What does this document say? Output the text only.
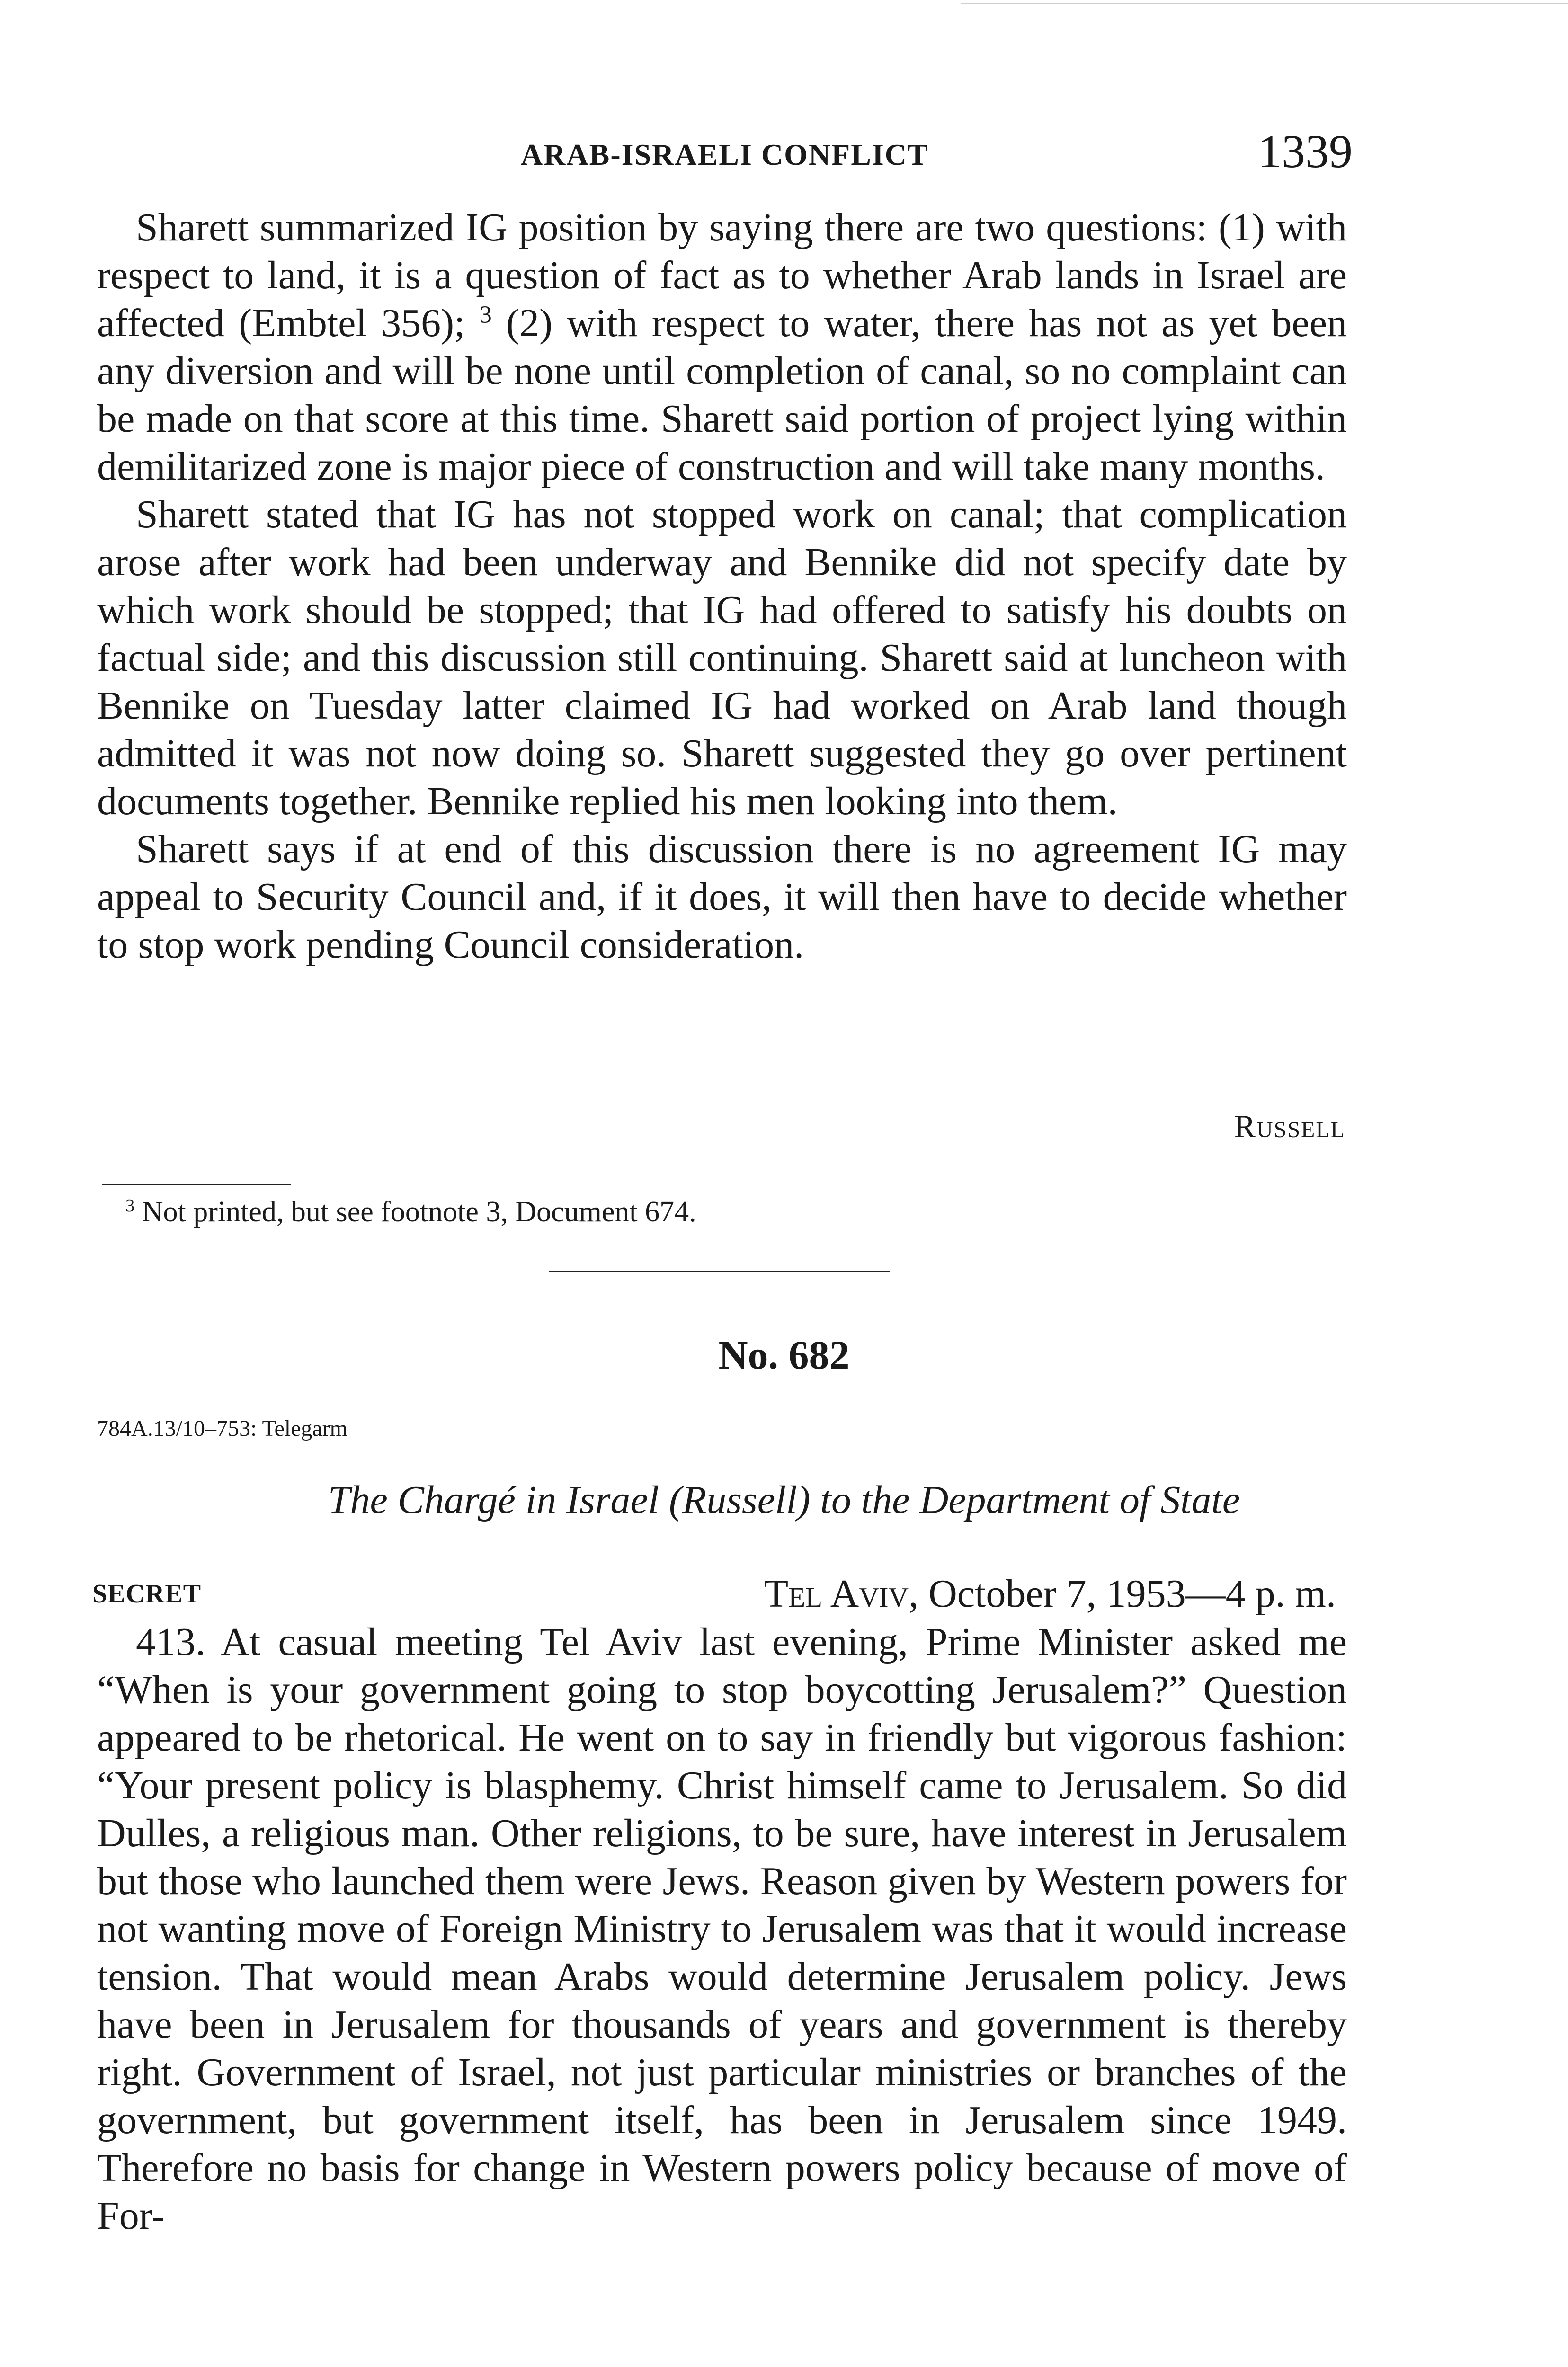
ARAB-ISRAELI CONFLICT	1339

Sharett summarized IG position by saying there are two questions: (1) with respect to land, it is a question of fact as to whether Arab lands in Israel are affected (Embtel 356); $^3$ (2) with respect to water, there has not as yet been any diversion and will be none until completion of canal, so no complaint can be made on that score at this time. Sharett said portion of project lying within demilitarized zone is major piece of construction and will take many months.

Sharett stated that IG has not stopped work on canal; that complication arose after work had been underway and Bennike did not specify date by which work should be stopped; that IG had offered to satisfy his doubts on factual side; and this discussion still continuing. Sharett said at luncheon with Bennike on Tuesday latter claimed IG had worked on Arab land though admitted it was not now doing so. Sharett suggested they go over pertinent documents together. Bennike replied his men looking into them.

Sharett says if at end of this discussion there is no agreement IG may appeal to Security Council and, if it does, it will then have to decide whether to stop work pending Council consideration.

Russell
$^3$ Not printed, but see footnote 3, Document 674.
No. 682
784A.13/10–753: Telegarm
The Chargé in Israel (Russell) to the Department of State
SECRET	Tel Aviv, October 7, 1953—4 p. m.

413. At casual meeting Tel Aviv last evening, Prime Minister asked me “When is your government going to stop boycotting Jerusalem?” Question appeared to be rhetorical. He went on to say in friendly but vigorous fashion: “Your present policy is blasphemy. Christ himself came to Jerusalem. So did Dulles, a religious man. Other religions, to be sure, have interest in Jerusalem but those who launched them were Jews. Reason given by Western powers for not wanting move of Foreign Ministry to Jerusalem was that it would increase tension. That would mean Arabs would determine Jerusalem policy. Jews have been in Jerusalem for thousands of years and government is thereby right. Government of Israel, not just particular ministries or branches of the government, but government itself, has been in Jerusalem since 1949. Therefore no basis for change in Western powers policy because of move of For-
